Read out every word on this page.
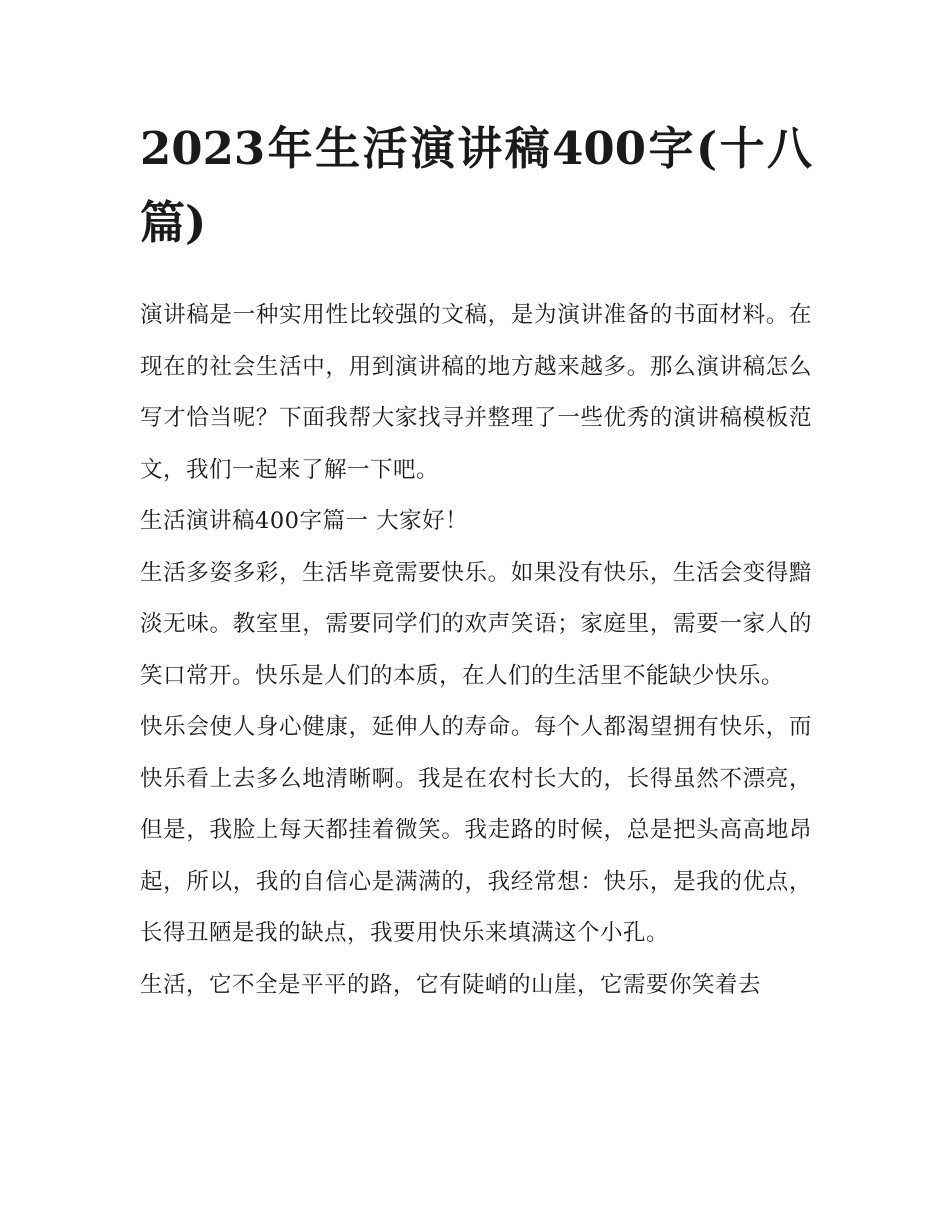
2023年生活演讲稿400字(十八篇)

演讲稿是一种实用性比较强的文稿，是为演讲准备的书面材料。在现在的社会生活中，用到演讲稿的地方越来越多。那么演讲稿怎么写才恰当呢？下面我帮大家找寻并整理了一些优秀的演讲稿模板范文，我们一起来了解一下吧。

生活演讲稿400字篇一 大家好！

生活多姿多彩，生活毕竟需要快乐。如果没有快乐，生活会变得黯淡无味。教室里，需要同学们的欢声笑语；家庭里，需要一家人的笑口常开。快乐是人们的本质，在人们的生活里不能缺少快乐。

快乐会使人身心健康，延伸人的寿命。每个人都渴望拥有快乐，而快乐看上去多么地清晰啊。我是在农村长大的，长得虽然不漂亮，但是，我脸上每天都挂着微笑。我走路的时候，总是把头高高地昂起，所以，我的自信心是满满的，我经常想：快乐，是我的优点，长得丑陋是我的缺点，我要用快乐来填满这个小孔。

生活，它不全是平平的路，它有陡峭的山崖，它需要你笑着去
